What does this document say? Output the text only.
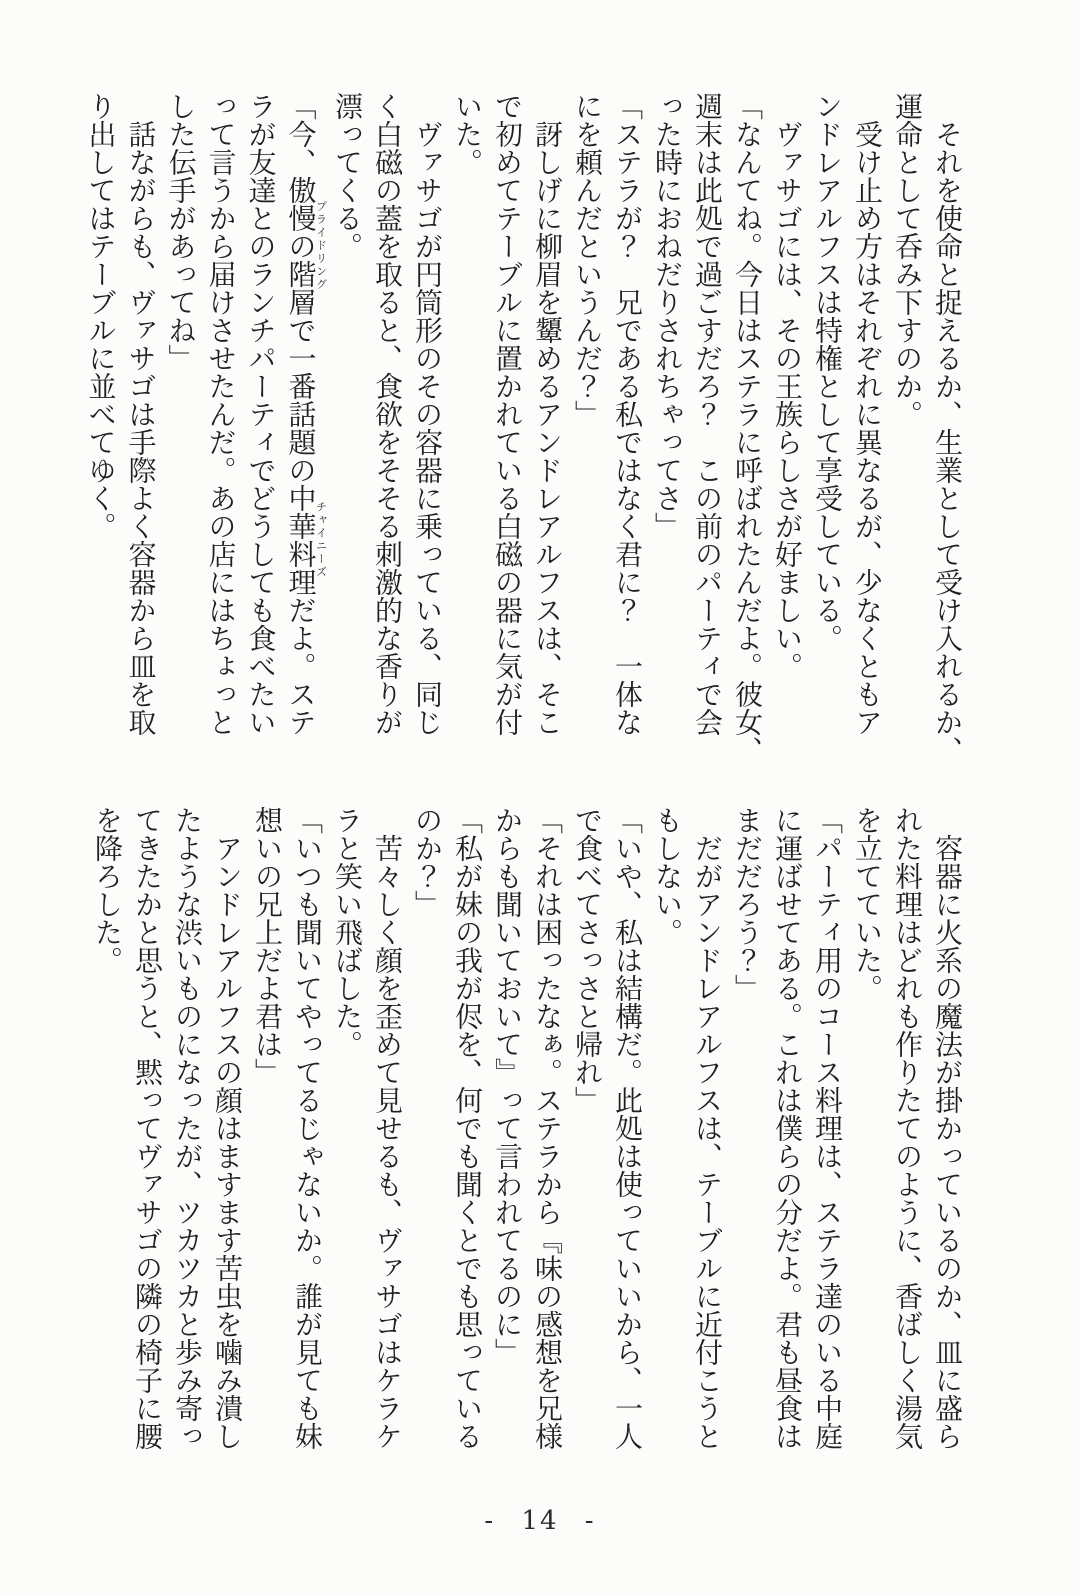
それを使命と捉えるか、生業として受け入れるか、
運命として呑み下すのか。
受け止め方はそれぞれに異なるが、少なくともア
ンドレアルフスは特権として享受している。
ヴァサゴには、その王族らしさが好ましい。
「なんてね。今日はステラに呼ばれたんだよ。彼女、
週末は此処で過ごすだろ？　この前のパーティで会
った時におねだりされちゃってさ」
「ステラが？　兄である私ではなく君に？　一体な
にを頼んだというんだ？」
訝しげに柳眉を顰めるアンドレアルフスは、そこ
で初めてテーブルに置かれている白磁の器に気が付
いた。
ヴァサゴが円筒形のその容器に乗っている、同じ
く白磁の蓋を取ると、食欲をそそる刺激的な香りが
漂ってくる。
「今、傲慢の階層プライドリングで一番話題の中華料理チャイニーズだよ。ステ
ラが友達とのランチパーティでどうしても食べたい
って言うから届けさせたんだ。あの店にはちょっと
した伝手があってね」
話ながらも、ヴァサゴは手際よく容器から皿を取
り出してはテーブルに並べてゆく。
容器に火系の魔法が掛かっているのか、皿に盛ら
れた料理はどれも作りたてのように、香ばしく湯気
を立てていた。
「パーティ用のコース料理は、ステラ達のいる中庭
に運ばせてある。これは僕らの分だよ。君も昼食は
まだだろう？」
だがアンドレアルフスは、テーブルに近付こうと
もしない。
「いや、私は結構だ。此処は使っていいから、一人
で食べてさっさと帰れ」
「それは困ったなぁ。ステラから『味の感想を兄様
からも聞いておいて』って言われてるのに」
「私が妹の我が侭を、何でも聞くとでも思っている
のか？」
苦々しく顔を歪めて見せるも、ヴァサゴはケラケ
ラと笑い飛ばした。
「いつも聞いてやってるじゃないか。誰が見ても妹
想いの兄上だよ君は」
アンドレアルフスの顔はますます苦虫を噛み潰し
たような渋いものになったが、ツカツカと歩み寄っ
てきたかと思うと、黙ってヴァサゴの隣の椅子に腰
を降ろした。
- 14 -
